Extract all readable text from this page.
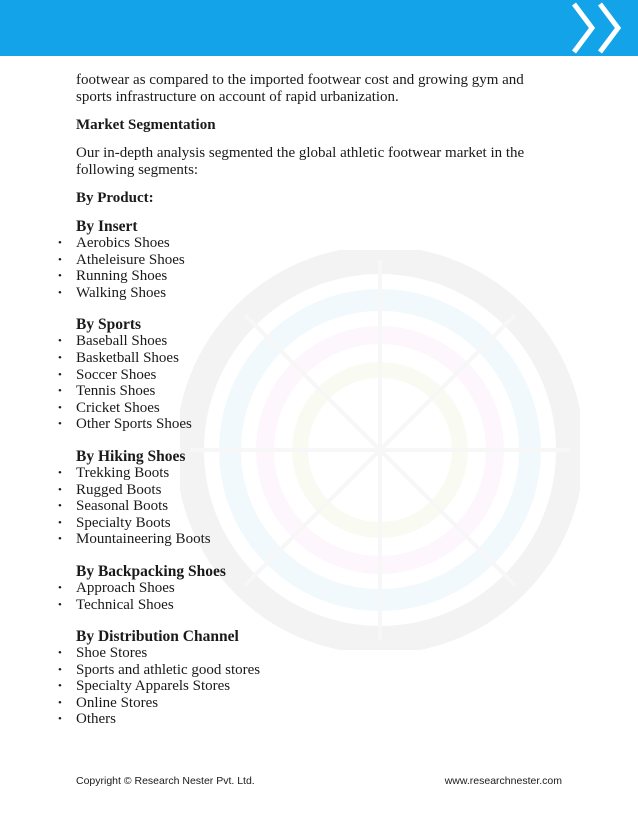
footwear as compared to the imported footwear cost and growing gym and
sports infrastructure on account of rapid urbanization.

Market Segmentation

Our in-depth analysis segmented the global athletic footwear market in the
following segments:

By Product:

By Insert

• Aerobics Shoes
• Atheleisure Shoes
• Running Shoes
• Walking Shoes

By Sports

• Baseball Shoes
• Basketball Shoes
• Soccer Shoes
• Tennis Shoes
• Cricket Shoes
• Other Sports Shoes

By Hiking Shoes

• Trekking Boots
• Rugged Boots
• Seasonal Boots
• Specialty Boots
• Mountaineering Boots

By Backpacking Shoes

• Approach Shoes
• Technical Shoes

By Distribution Channel

• Shoe Stores
• Sports and athletic good stores
• Specialty Apparels Stores
• Online Stores
• Others
Copyright © Research Nester Pvt. Ltd.	www.researchnester.com
